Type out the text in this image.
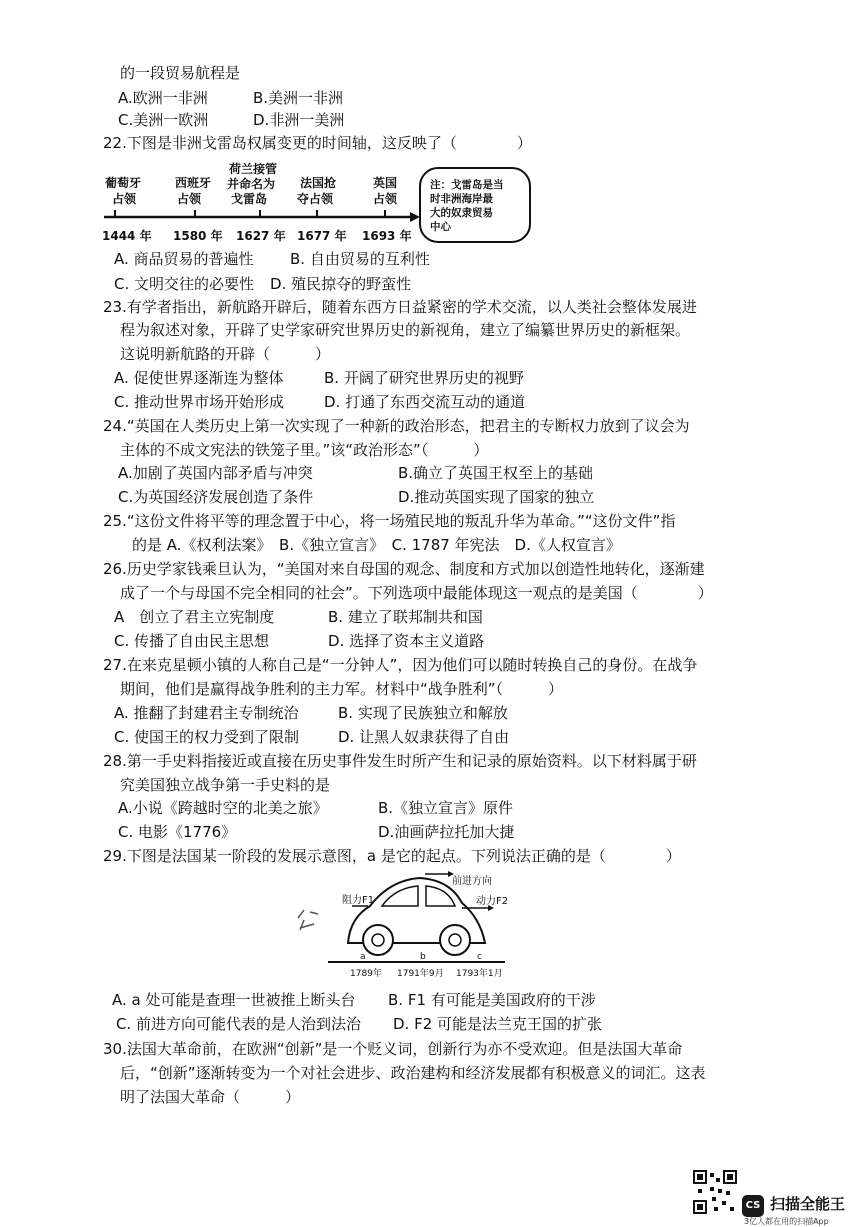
的一段贸易航程是
A.欧洲一非洲	B.美洲一非洲
C.美洲一欧洲	D.非洲一美洲
22.下图是非洲戈雷岛权属变更的时间轴，这反映了（　　　　）
葡萄牙
占领
西班牙
占领
荷兰接管
并命名为
戈雷岛
法国抢
夺占领
英国
占领
1444 年 1580 年 1627 年 1677 年 1693 年
注：戈雷岛是当
时非洲海岸最
大的奴隶贸易
中心
A. 商品贸易的普遍性 B. 自由贸易的互利性
C. 文明交往的必要性 D. 殖民掠夺的野蛮性
23.有学者指出，新航路开辟后，随着东西方日益紧密的学术交流，以人类社会整体发展进
程为叙述对象，开辟了史学家研究世界历史的新视角，建立了编纂世界历史的新框架。
这说明新航路的开辟（　　　）
A. 促使世界逐渐连为整体	B. 开阔了研究世界历史的视野
C. 推动世界市场开始形成	D. 打通了东西交流互动的通道
24.“英国在人类历史上第一次实现了一种新的政治形态，把君主的专断权力放到了议会为
主体的不成文宪法的铁笼子里。”该“政治形态”（　　　）
A.加剧了英国内部矛盾与冲突	B.确立了英国王权至上的基础
C.为英国经济发展创造了条件	D.推动英国实现了国家的独立
25.“这份文件将平等的理念置于中心，将一场殖民地的叛乱升华为革命。”“这份文件”指
的是 A.《权利法案》　B.《独立宣言》　C. 1787 年宪法　D.《人权宣言》
26.历史学家钱乘旦认为，“美国对来自母国的观念、制度和方式加以创造性地转化，逐渐建
成了一个与母国不完全相同的社会”。下列选项中最能体现这一观点的是美国（　　　　）
A　创立了君主立宪制度	B. 建立了联邦制共和国
C. 传播了自由民主思想	D. 选择了资本主义道路
27.在来克星顿小镇的人称自己是“一分钟人”，因为他们可以随时转换自己的身份。在战争
期间，他们是赢得战争胜利的主力军。材料中“战争胜利”（　　　）
A. 推翻了封建君主专制统治	B. 实现了民族独立和解放
C. 使国王的权力受到了限制	D. 让黑人奴隶获得了自由
28.第一手史料指接近或直接在历史事件发生时所产生和记录的原始资料。以下材料属于研
究美国独立战争第一手史料的是
A.小说《跨越时空的北美之旅》	B.《独立宣言》原件
C. 电影《1776》	D.油画萨拉托加大捷
29.下图是法国某一阶段的发展示意图，a 是它的起点。下列说法正确的是（　　　　）
前进方向
阻力F1	动力F2
a	b	c
1789年 1791年9月 1793年1月
A. a 处可能是查理一世被推上断头台 B. F1 有可能是美国政府的干涉
C. 前进方向可能代表的是人治到法治 D. F2 可能是法兰克王国的扩张
30.法国大革命前，在欧洲“创新”是一个贬义词，创新行为亦不受欢迎。但是法国大革命
后，“创新”逐渐转变为一个对社会进步、政治建构和经济发展都有积极意义的词汇。这表
明了法国大革命（　　　）
CS 扫描全能王
3亿人都在用的扫描App
